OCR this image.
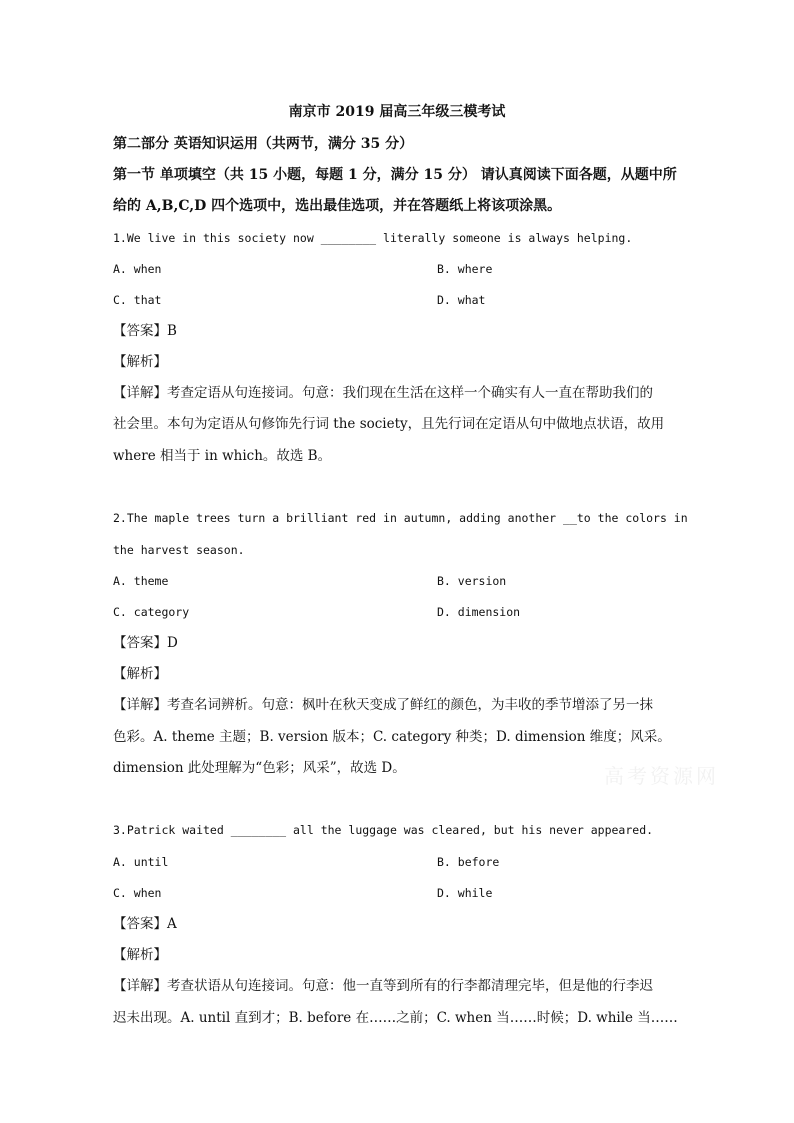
南京市 2019 届高三年级三模考试
第二部分 英语知识运用（共两节，满分 35 分）
第一节 单项填空（共 15 小题，每题 1 分，满分 15 分） 请认真阅读下面各题，从题中所
给的 A,B,C,D 四个选项中，选出最佳选项，并在答题纸上将该项涂黑。
1.We live in this society now ________ literally someone is always helping.
A. when	B. where
C. that	D. what
【答案】B
【解析】
【详解】考查定语从句连接词。句意：我们现在生活在这样一个确实有人一直在帮助我们的
社会里。本句为定语从句修饰先行词 the society，且先行词在定语从句中做地点状语，故用
where 相当于 in which。故选 B。
2.The maple trees turn a brilliant red in autumn, adding another __to the colors in
the harvest season.
A. theme	B. version
C. category	D. dimension
【答案】D
【解析】
【详解】考查名词辨析。句意：枫叶在秋天变成了鲜红的颜色，为丰收的季节增添了另一抹
色彩。A. theme 主题；B. version 版本；C. category 种类；D. dimension 维度；风采。
dimension 此处理解为“色彩；风采”，故选 D。
3.Patrick waited ________ all the luggage was cleared, but his never appeared.
A. until	B. before
C. when	D. while
【答案】A
【解析】
【详解】考查状语从句连接词。句意：他一直等到所有的行李都清理完毕，但是他的行李迟
迟未出现。A. until 直到才；B. before 在……之前；C. when 当……时候；D. while 当……
高考资源网
